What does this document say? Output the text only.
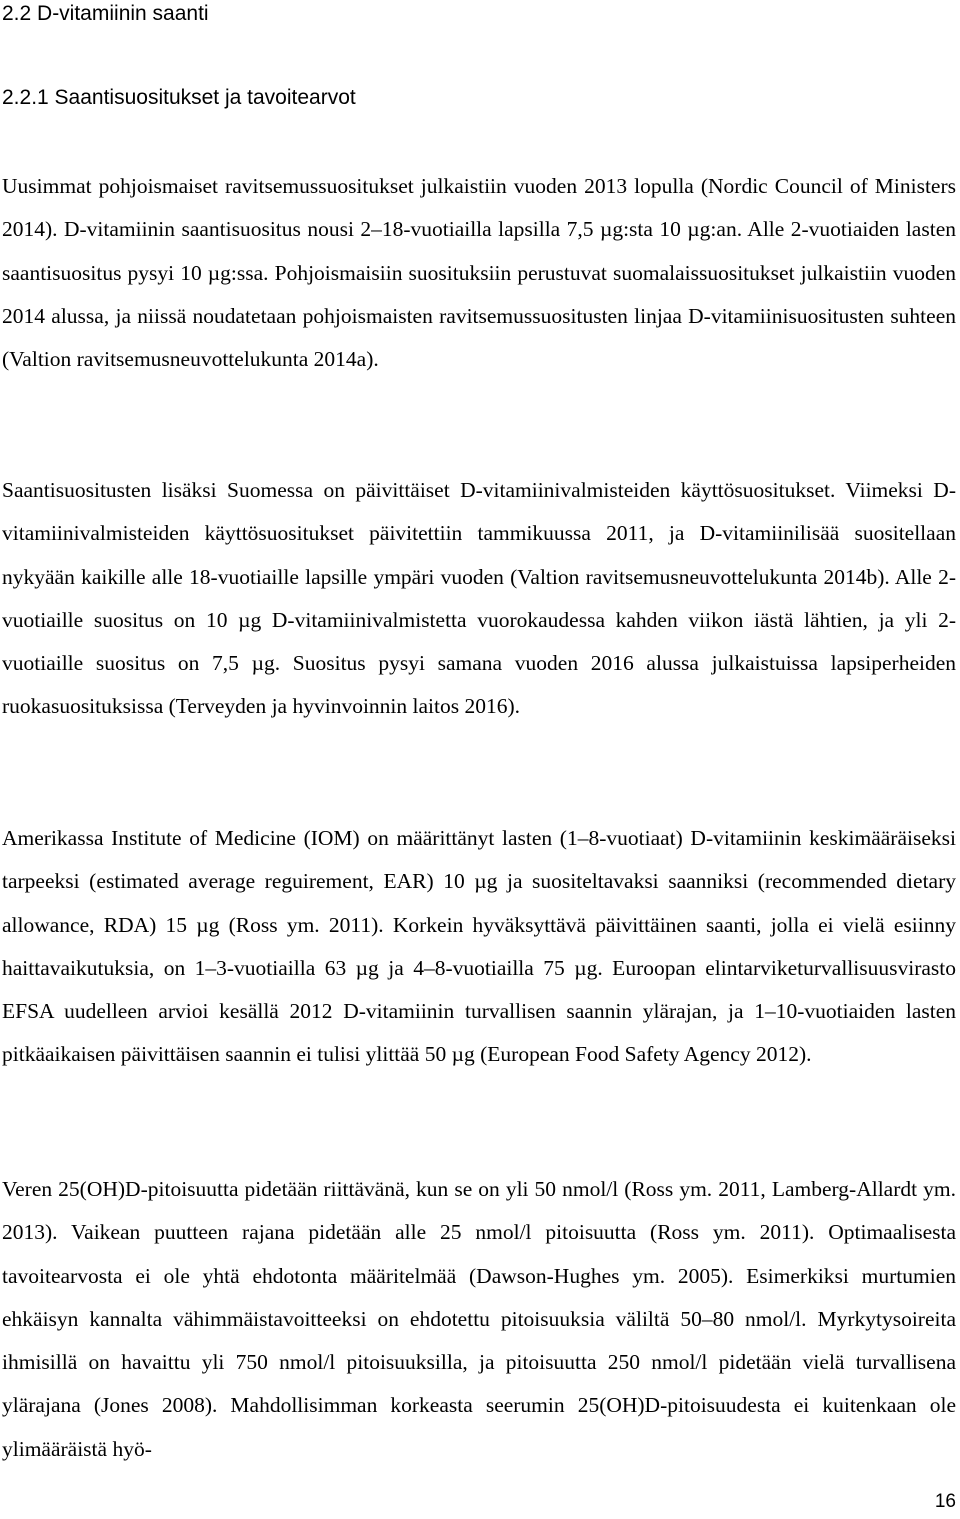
2.2 D-vitamiinin saanti
2.2.1 Saantisuositukset ja tavoitearvot

Uusimmat pohjoismaiset ravitsemussuositukset julkaistiin vuoden 2013 lopulla (Nordic Council of Ministers 2014). D-vitamiinin saantisuositus nousi 2–18-vuotiailla lapsilla 7,5 µg:sta 10 µg:an. Alle 2-vuotiaiden lasten saantisuositus pysyi 10 µg:ssa. Pohjoismaisiin suosituksiin perustuvat suomalaissuositukset julkaistiin vuoden 2014 alussa, ja niissä noudatetaan pohjoismaisten ravitsemussuositusten linjaa D-vitamiinisuositusten suhteen (Valtion ravitsemusneuvottelukunta 2014a).

Saantisuositusten lisäksi Suomessa on päivittäiset D-vitamiinivalmisteiden käyttösuositukset. Viimeksi D-vitamiinivalmisteiden käyttösuositukset päivitettiin tammikuussa 2011, ja D-vitamiinilisää suositellaan nykyään kaikille alle 18-vuotiaille lapsille ympäri vuoden (Valtion ravitsemusneuvottelukunta 2014b). Alle 2-vuotiaille suositus on 10 µg D-vitamiinivalmistetta vuorokaudessa kahden viikon iästä lähtien, ja yli 2-vuotiaille suositus on 7,5 µg. Suositus pysyi samana vuoden 2016 alussa julkaistuissa lapsiperheiden ruokasuosituksissa (Terveyden ja hyvinvoinnin laitos 2016).

Amerikassa Institute of Medicine (IOM) on määrittänyt lasten (1–8-vuotiaat) D-vitamiinin keskimääräiseksi tarpeeksi (estimated average reguirement, EAR) 10 µg ja suositeltavaksi saanniksi (recommended dietary allowance, RDA) 15 µg (Ross ym. 2011). Korkein hyväksyttävä päivittäinen saanti, jolla ei vielä esiinny haittavaikutuksia, on 1–3-vuotiailla 63 µg ja 4–8-vuotiailla 75 µg. Euroopan elintarviketurvallisuusvirasto EFSA uudelleen arvioi kesällä 2012 D-vitamiinin turvallisen saannin ylärajan, ja 1–10-vuotiaiden lasten pitkäaikaisen päivittäisen saannin ei tulisi ylittää 50 µg (European Food Safety Agency 2012).

Veren 25(OH)D-pitoisuutta pidetään riittävänä, kun se on yli 50 nmol/l (Ross ym. 2011, Lamberg-Allardt ym. 2013). Vaikean puutteen rajana pidetään alle 25 nmol/l pitoisuutta (Ross ym. 2011). Optimaalisesta tavoitearvosta ei ole yhtä ehdotonta määritelmää (Dawson-Hughes ym. 2005). Esimerkiksi murtumien ehkäisyn kannalta vähimmäistavoitteeksi on ehdotettu pitoisuuksia väliltä 50–80 nmol/l. Myrkytysoireita ihmisillä on havaittu yli 750 nmol/l pitoisuuksilla, ja pitoisuutta 250 nmol/l pidetään vielä turvallisena ylärajana (Jones 2008). Mahdollisimman korkeasta seerumin 25(OH)D-pitoisuudesta ei kuitenkaan ole ylimääräistä hyö-

16
